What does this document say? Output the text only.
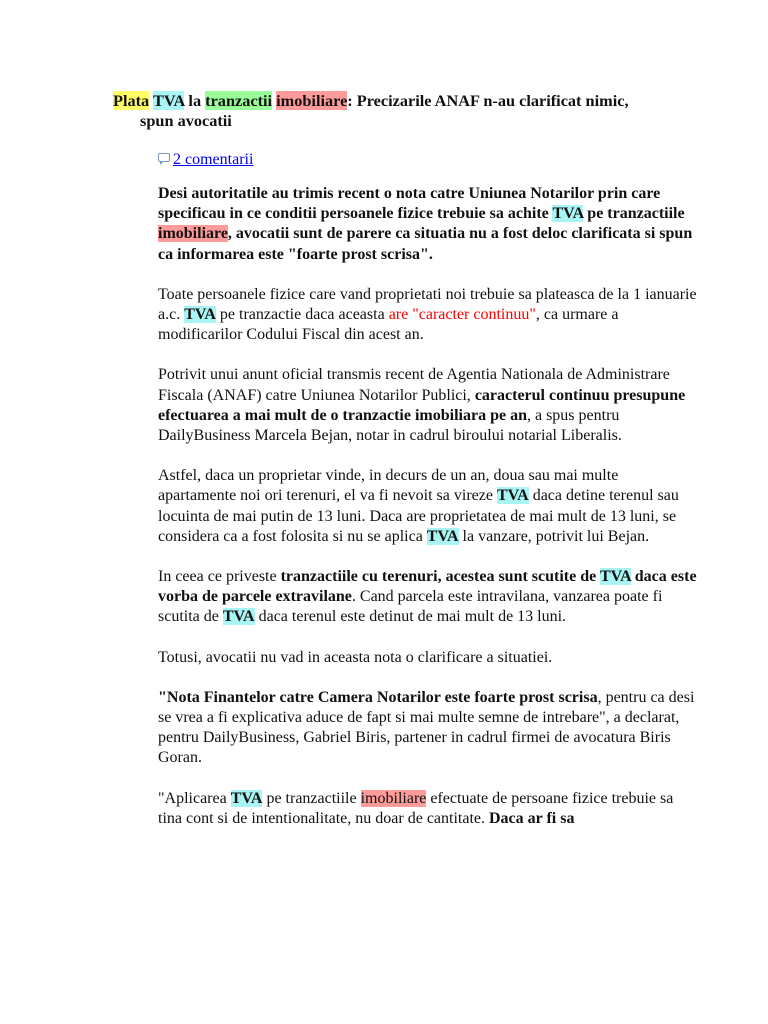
Plata TVA la tranzactii imobiliare: Precizarile ANAF n-au clarificat nimic,
spun avocatii
2 comentarii

Desi autoritatile au trimis recent o nota catre Uniunea Notarilor prin care specificau in ce conditii persoanele fizice trebuie sa achite TVA pe tranzactiile imobiliare, avocatii sunt de parere ca situatia nu a fost deloc clarificata si spun ca informarea este "foarte prost scrisa".

Toate persoanele fizice care vand proprietati noi trebuie sa plateasca de la 1 ianuarie a.c. TVA pe tranzactie daca aceasta are "caracter continuu", ca urmare a modificarilor Codului Fiscal din acest an.

Potrivit unui anunt oficial transmis recent de Agentia Nationala de Administrare Fiscala (ANAF) catre Uniunea Notarilor Publici, caracterul continuu presupune efectuarea a mai mult de o tranzactie imobiliara pe an, a spus pentru DailyBusiness Marcela Bejan, notar in cadrul biroului notarial Liberalis.

Astfel, daca un proprietar vinde, in decurs de un an, doua sau mai multe apartamente noi ori terenuri, el va fi nevoit sa vireze TVA daca detine terenul sau locuinta de mai putin de 13 luni. Daca are proprietatea de mai mult de 13 luni, se considera ca a fost folosita si nu se aplica TVA la vanzare, potrivit lui Bejan.

In ceea ce priveste tranzactiile cu terenuri, acestea sunt scutite de TVA daca este vorba de parcele extravilane. Cand parcela este intravilana, vanzarea poate fi scutita de TVA daca terenul este detinut de mai mult de 13 luni.

Totusi, avocatii nu vad in aceasta nota o clarificare a situatiei.

"Nota Finantelor catre Camera Notarilor este foarte prost scrisa, pentru ca desi se vrea a fi explicativa aduce de fapt si mai multe semne de intrebare", a declarat, pentru DailyBusiness, Gabriel Biris, partener in cadrul firmei de avocatura Biris Goran.

"Aplicarea TVA pe tranzactiile imobiliare efectuate de persoane fizice trebuie sa tina cont si de intentionalitate, nu doar de cantitate. Daca ar fi sa
